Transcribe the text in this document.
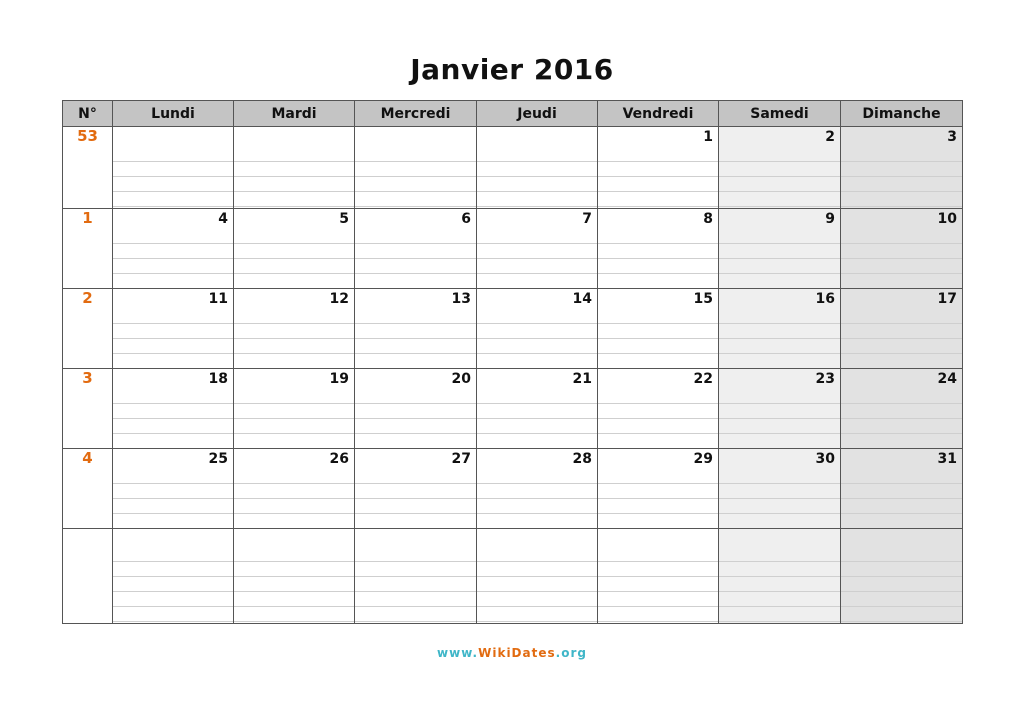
Janvier 2016
N°	Lundi	Mardi	Mercredi	Jeudi	Vendredi	Samedi	Dimanche
53					1	2	3

1	4	5	6	7	8	9	10

2	11	12	13	14	15	16	17

3	18	19	20	21	22	23	24

4	25	26	27	28	29	30	31

www.WikiDates.org
